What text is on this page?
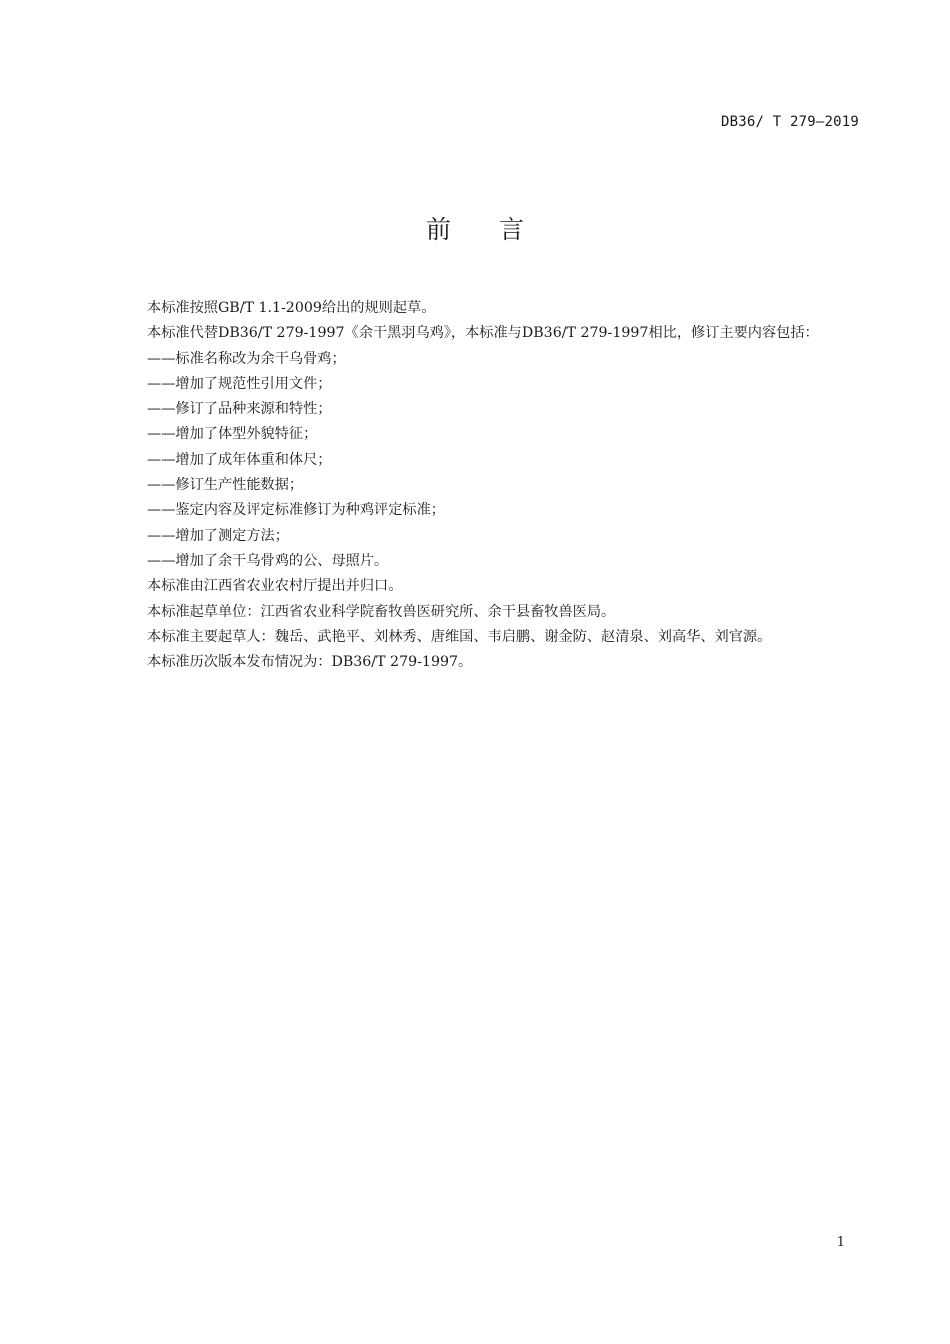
DB36/ T 279—2019
前言

本标准按照GB/T 1.1-2009给出的规则起草。

本标准代替DB36/T 279-1997《余干黑羽乌鸡》，本标准与DB36/T 279-1997相比，修订主要内容包括：

——标准名称改为余干乌骨鸡；
——增加了规范性引用文件；
——修订了品种来源和特性；
——增加了体型外貌特征；
——增加了成年体重和体尺；
——修订生产性能数据；
——鉴定内容及评定标准修订为种鸡评定标准；
——增加了测定方法；
——增加了余干乌骨鸡的公、母照片。

本标准由江西省农业农村厅提出并归口。

本标准起草单位：江西省农业科学院畜牧兽医研究所、余干县畜牧兽医局。

本标准主要起草人：魏岳、武艳平、刘林秀、唐维国、韦启鹏、谢金防、赵清泉、刘高华、刘官源。

本标准历次版本发布情况为：DB36/T 279-1997。

1
